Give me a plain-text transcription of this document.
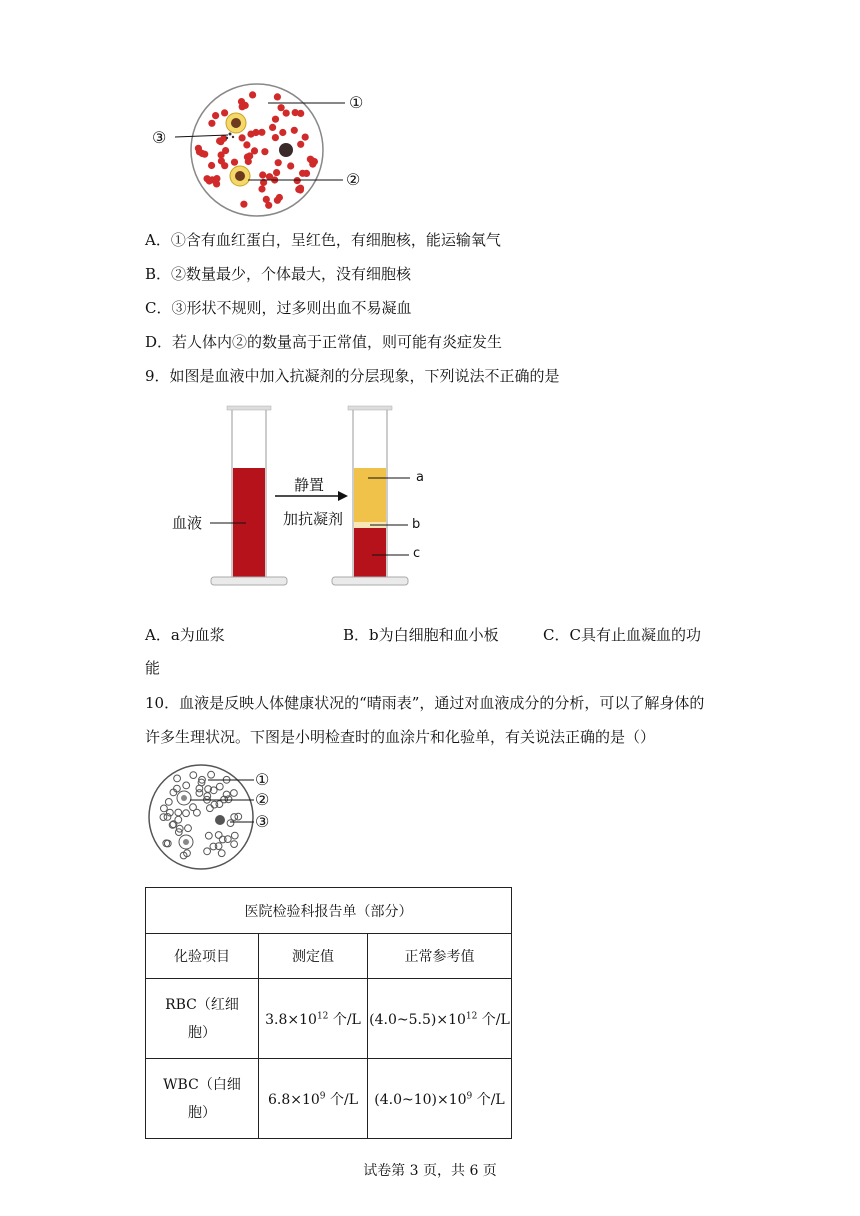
①
③
②
A．①含有血红蛋白，呈红色，有细胞核，能运输氧气
B．②数量最少，个体最大，没有细胞核
C．③形状不规则，过多则出血不易凝血
D．若人体内②的数量高于正常值，则可能有炎症发生
9．如图是血液中加入抗凝剂的分层现象，下列说法不正确的是
血液
静置
加抗凝剂
a
b
c
A．a为血浆	B．b为白细胞和血小板	C．C具有止血凝血的功
能
10．血液是反映人体健康状况的“晴雨表”，通过对血液成分的分析，可以了解身体的
许多生理状况。下图是小明检查时的血涂片和化验单，有关说法正确的是（）
①
②
③
医院检验科报告单（部分）		
化验项目	测定值	正常参考值
RBC（红细
胞）	$3.8\times 10^{12}$ 个/L	$(4.0\sim 5.5)\times 10^{12}$ 个/L
WBC（白细
胞）	$6.8\times 10^9$ 个/L	$(4.0\sim 10)\times 10^9$ 个/L
试卷第 3 页，共 6 页
